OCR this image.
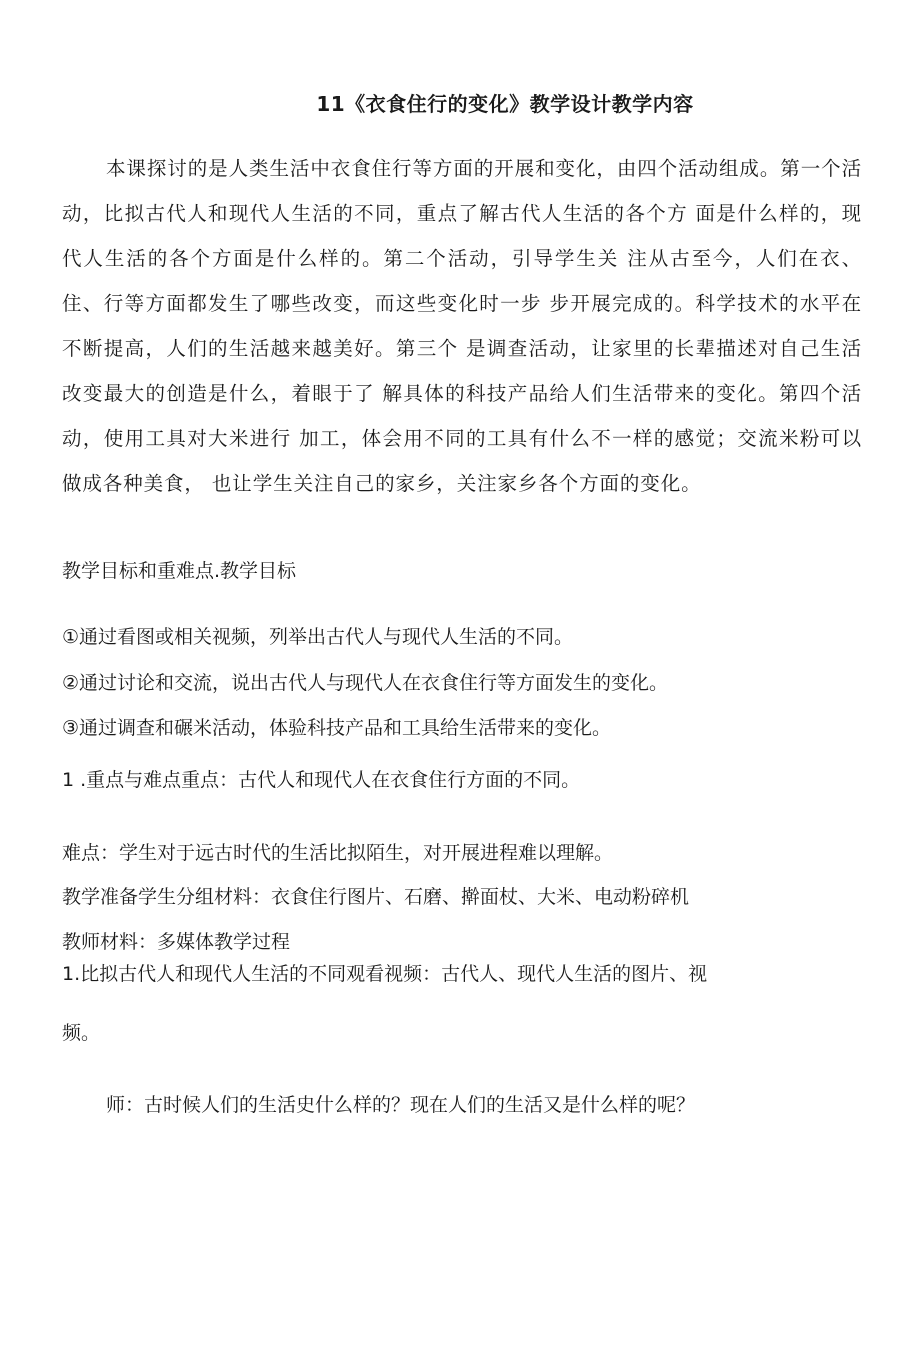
11《衣食住行的变化》教学设计教学内容

本课探讨的是人类生活中衣食住行等方面的开展和变化，由四个活动组成。第一个活动，比拟古代人和现代人生活的不同，重点了解古代人生活的各个方 面是什么样的，现代人生活的各个方面是什么样的。第二个活动，引导学生关 注从古至今，人们在衣、住、行等方面都发生了哪些改变，而这些变化时一步 步开展完成的。科学技术的水平在不断提高，人们的生活越来越美好。第三个 是调查活动，让家里的长辈描述对自己生活改变最大的创造是什么，着眼于了 解具体的科技产品给人们生活带来的变化。第四个活动，使用工具对大米进行 加工，体会用不同的工具有什么不一样的感觉；交流米粉可以做成各种美食， 也让学生关注自己的家乡，关注家乡各个方面的变化。

教学目标和重难点.教学目标

①通过看图或相关视频，列举出古代人与现代人生活的不同。

②通过讨论和交流，说出古代人与现代人在衣食住行等方面发生的变化。

③通过调查和碾米活动，体验科技产品和工具给生活带来的变化。

1 .重点与难点重点：古代人和现代人在衣食住行方面的不同。

难点：学生对于远古时代的生活比拟陌生，对开展进程难以理解。

教学准备学生分组材料：衣食住行图片、石磨、擀面杖、大米、电动粉碎机

教师材料：多媒体教学过程

1.比拟古代人和现代人生活的不同观看视频：古代人、现代人生活的图片、视

频。

师：古时候人们的生活史什么样的？现在人们的生活又是什么样的呢？
